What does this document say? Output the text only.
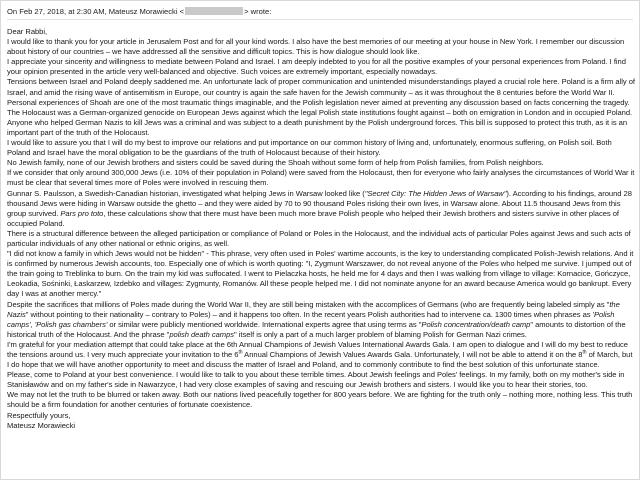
On Feb 27, 2018, at 2:30 AM, Mateusz Morawiecki <	> wrote:

Dear Rabbi,

I would like to thank you for your article in Jerusalem Post and for all your kind words. I also have the best memories of our meeting at your house in New York. I remember our discussion about history of our countries – we have addressed all the sensitive and difficult topics. This is how dialogue should look like.

I appreciate your sincerity and willingness to mediate between Poland and Israel. I am deeply indebted to you for all the positive examples of your personal experiences from Poland. I find your opinion presented in the article very well-balanced and objective. Such voices are extremely important, especially nowadays.

Tensions between Israel and Poland deeply saddened me. An unfortunate lack of proper communication and unintended misunderstandings played a crucial role here. Poland is a firm ally of Israel, and amid the rising wave of antisemitism in Europe, our country is again the safe haven for the Jewish community – as it was throughout the 8 centuries before the World War II.

Personal experiences of Shoah are one of the most traumatic things imaginable, and the Polish legislation never aimed at preventing any discussion based on facts concerning the tragedy. The Holocaust was a German-organized genocide on European Jews against which the legal Polish state institutions fought against – both on emigration in London and in occupied Poland. Anyone who helped German Nazis to kill Jews was a criminal and was subject to a death punishment by the Polish underground forces. This bill is supposed to protect this truth, as it is an important part of the truth of the Holocaust.

I would like to assure you that I will do my best to improve our relations and put importance on our common history of living and, unfortunately, enormous suffering, on Polish soil. Both Poland and Israel have the moral obligation to be the guardians of the truth of Holocaust because of their history.

No Jewish family, none of our Jewish brothers and sisters could be saved during the Shoah without some form of help from Polish families, from Polish neighbors.

If we consider that only around 300,000 Jews (i.e. 10% of their population in Poland) were saved from the Holocaust, then for everyone who fairly analyses the circumstances of World War it must be clear that several times more of Poles were involved in rescuing them.

Gunnar S. Paulsson, a Swedish-Canadian historian, investigated what helping Jews in Warsaw looked like ("Secret City: The Hidden Jews of Warsaw"). According to his findings, around 28 thousand Jews were hiding in Warsaw outside the ghetto – and they were aided by 70 to 90 thousand Poles risking their own lives, in Warsaw alone. About 11.5 thousand Jews from this group survived. Pars pro toto, these calculations show that there must have been much more brave Polish people who helped their Jewish brothers and sisters survive in other places of occupied Poland.

There is a structural difference between the alleged participation or compliance of Poland or Poles in the Holocaust, and the individual acts of particular Poles against Jews and such acts of particular individuals of any other national or ethnic origins, as well.

"I did not know a family in which Jews would not be hidden" - This phrase, very often used in Poles' wartime accounts, is the key to understanding complicated Polish-Jewish relations. And it is confirmed by numerous Jewish accounts, too. Especially one of which is worth quoting: "I, Zygmunt Warszawer, do not reveal anyone of the Poles who helped me survive. I jumped out of the train going to Treblinka to burn. On the train my kid was suffocated. I went to Pielaczka hosts, he held me for 4 days and then I was walking from village to village: Kornacice, Gończyce, Leokadia, Sośninki, Łaskarzew, Izdebko and villages: Zygmunty, Romanów. All these people helped me. I did not nominate anyone for an award because America would go bankrupt. Every day I was at another mercy."

Despite the sacrifices that millions of Poles made during the World War II, they are still being mistaken with the accomplices of Germans (who are frequently being labeled simply as "the Nazis" without pointing to their nationality – contrary to Poles) – and it happens too often. In the recent years Polish authorities had to intervene ca. 1300 times when phrases as 'Polish camps', 'Polish gas chambers' or similar were publicly mentioned worldwide. International experts agree that using terms as "Polish concentration/death camp" amounts to distortion of the historical truth of the Holocaust. And the phrase "polish death camps" itself is only a part of a much larger problem of blaming Polish for German Nazi crimes.

I'm grateful for your mediation attempt that could take place at the 6th Annual Champions of Jewish Values International Awards Gala. I am open to dialogue and I will do my best to reduce the tensions around us. I very much appreciate your invitation to the 6th Annual Champions of Jewish Values Awards Gala. Unfortunately, I will not be able to attend it on the 8th of March, but I do hope that we will have another opportunity to meet and discuss the matter of Israel and Poland, and to commonly contribute to find the best solution of this unfortunate stance.

Please, come to Poland at your best convenience. I would like to talk to you about these terrible times. About Jewish feelings and Poles' feelings. In my family, both on my mother's side in Stanisławów and on my father's side in Nawarzyce, I had very close examples of saving and rescuing our Jewish brothers and sisters. I would like you to hear their stories, too.

We may not let the truth to be blurred or taken away. Both our nations lived peacefully together for 800 years before. We are fighting for the truth only – nothing more, nothing less. This truth should be a firm foundation for another centuries of fortunate coexistence.

Respectfully yours,

Mateusz Morawiecki
